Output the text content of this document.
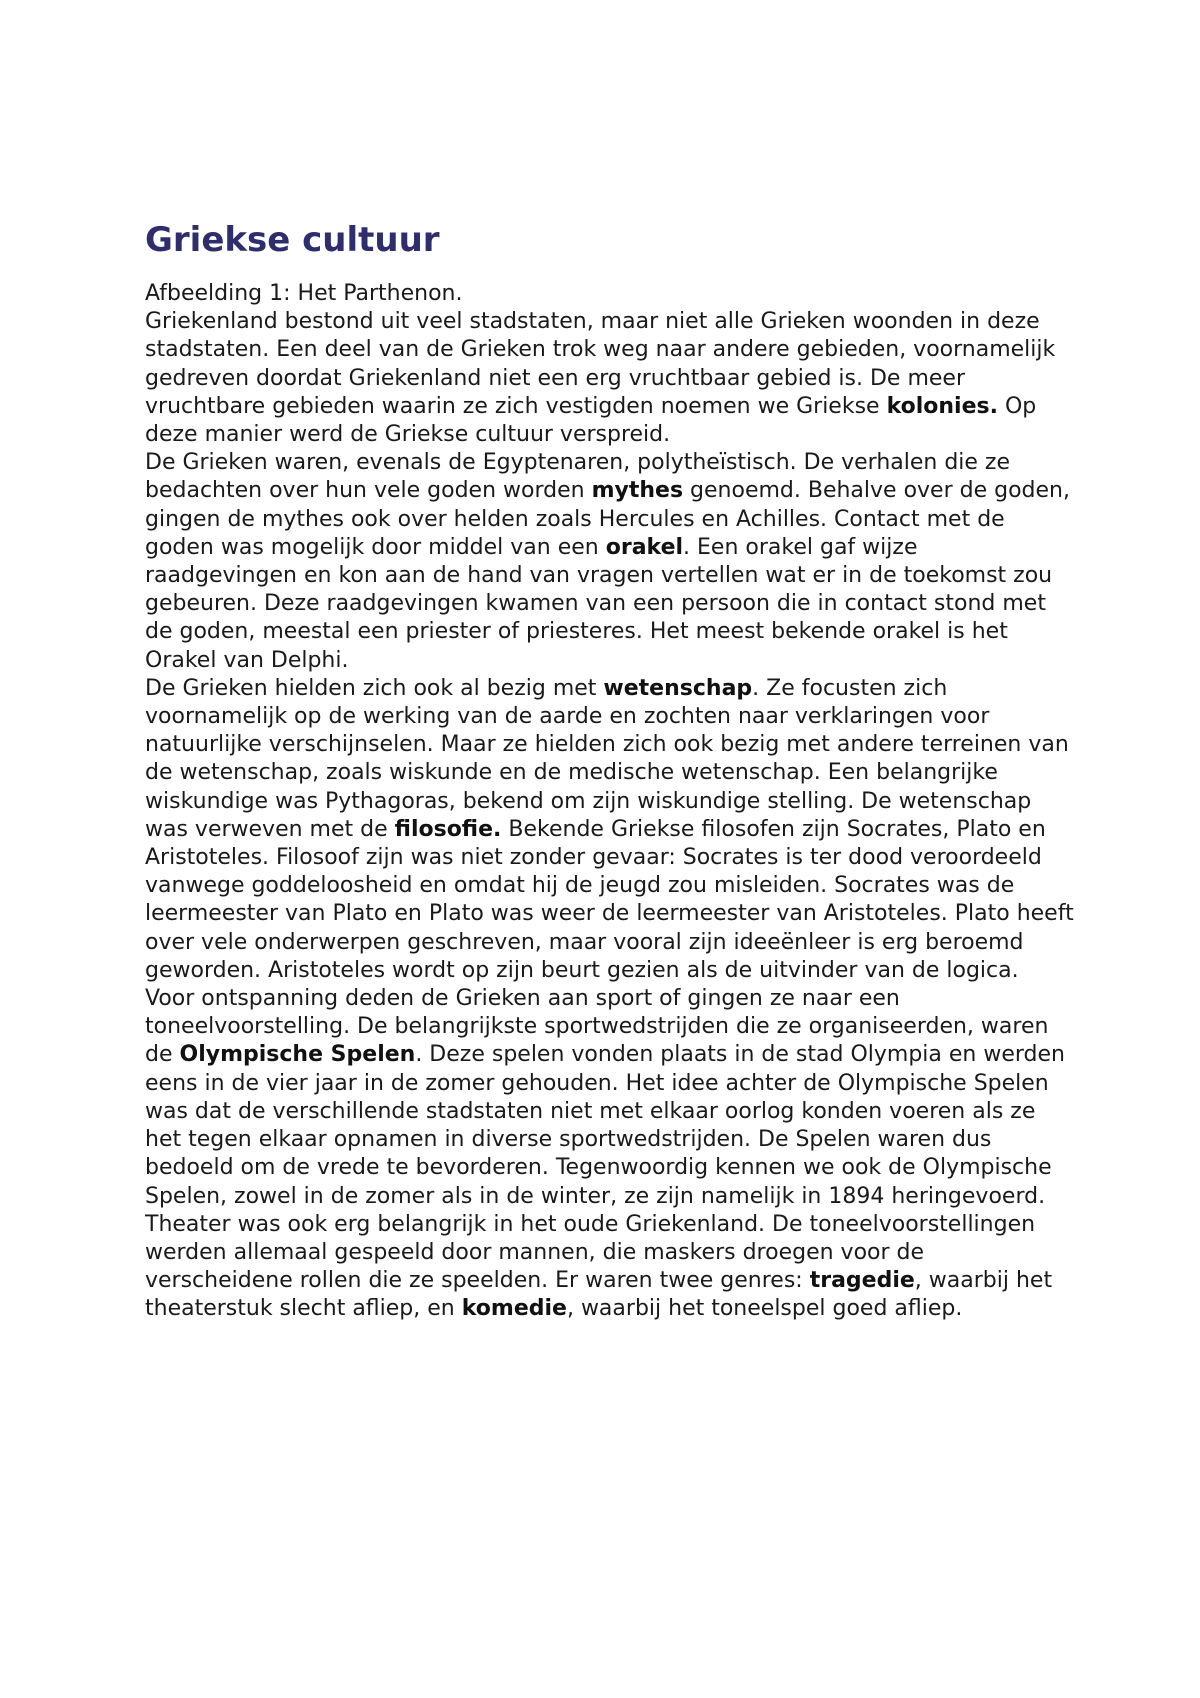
Griekse cultuur

Afbeelding 1: Het Parthenon.

Griekenland bestond uit veel stadstaten, maar niet alle Grieken woonden in deze stadstaten. Een deel van de Grieken trok weg naar andere gebieden, voornamelijk gedreven doordat Griekenland niet een erg vruchtbaar gebied is. De meer vruchtbare gebieden waarin ze zich vestigden noemen we Griekse kolonies. Op deze manier werd de Griekse cultuur verspreid.

De Grieken waren, evenals de Egyptenaren, polytheïstisch. De verhalen die ze bedachten over hun vele goden worden mythes genoemd. Behalve over de goden, gingen de mythes ook over helden zoals Hercules en Achilles. Contact met de goden was mogelijk door middel van een orakel. Een orakel gaf wijze raadgevingen en kon aan de hand van vragen vertellen wat er in de toekomst zou gebeuren. Deze raadgevingen kwamen van een persoon die in contact stond met de goden, meestal een priester of priesteres. Het meest bekende orakel is het Orakel van Delphi.

De Grieken hielden zich ook al bezig met wetenschap. Ze focusten zich voornamelijk op de werking van de aarde en zochten naar verklaringen voor natuurlijke verschijnselen. Maar ze hielden zich ook bezig met andere terreinen van de wetenschap, zoals wiskunde en de medische wetenschap. Een belangrijke wiskundige was Pythagoras, bekend om zijn wiskundige stelling. De wetenschap was verweven met de filosofie. Bekende Griekse filosofen zijn Socrates, Plato en Aristoteles. Filosoof zijn was niet zonder gevaar: Socrates is ter dood veroordeeld vanwege goddeloosheid en omdat hij de jeugd zou misleiden. Socrates was de leermeester van Plato en Plato was weer de leermeester van Aristoteles. Plato heeft over vele onderwerpen geschreven, maar vooral zijn ideeënleer is erg beroemd geworden. Aristoteles wordt op zijn beurt gezien als de uitvinder van de logica.

Voor ontspanning deden de Grieken aan sport of gingen ze naar een toneelvoorstelling. De belangrijkste sportwedstrijden die ze organiseerden, waren de Olympische Spelen. Deze spelen vonden plaats in de stad Olympia en werden eens in de vier jaar in de zomer gehouden. Het idee achter de Olympische Spelen was dat de verschillende stadstaten niet met elkaar oorlog konden voeren als ze het tegen elkaar opnamen in diverse sportwedstrijden. De Spelen waren dus bedoeld om de vrede te bevorderen. Tegenwoordig kennen we ook de Olympische Spelen, zowel in de zomer als in de winter, ze zijn namelijk in 1894 heringevoerd. Theater was ook erg belangrijk in het oude Griekenland. De toneelvoorstellingen werden allemaal gespeeld door mannen, die maskers droegen voor de verscheidene rollen die ze speelden. Er waren twee genres: tragedie, waarbij het theaterstuk slecht afliep, en komedie, waarbij het toneelspel goed afliep.
